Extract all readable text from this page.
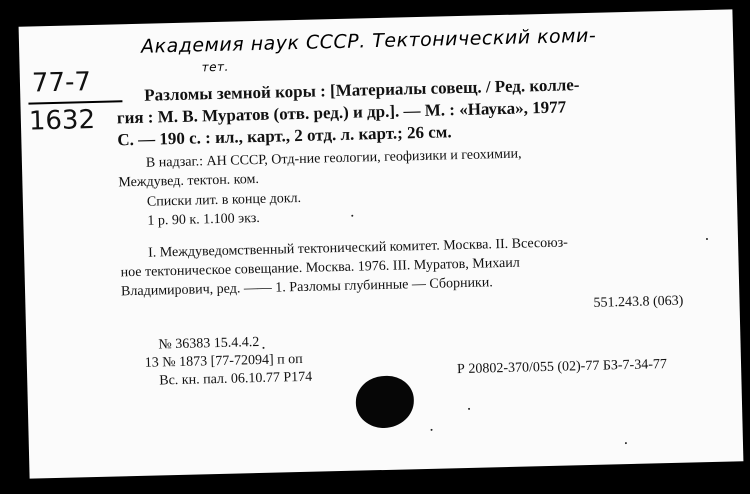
Академия наук СССР. Тектонический коми-
тет.
77-7
1632
Разломы земной коры : [Материалы совещ. / Ред. колле-
гия : М. В. Муратов (отв. ред.) и др.]. — М. : «Наука», 1977
С. — 190 с. : ил., карт., 2 отд. л. карт.; 26 см.
В надзаг.: АН СССР, Отд-ние геологии, геофизики и геохимии,
Междувед. тектон. ком.
Списки лит. в конце докл.
1 р. 90 к. 1.100 экз.
I. Междуведомственный тектонический комитет. Москва. II. Всесоюз-
ное тектоническое совещание. Москва. 1976. III. Муратов, Михаил
Владимирович, ред. —— 1. Разломы глубинные — Сборники.
551.243.8 (063)
№ 36383 15.4.4.2
13 № 1873 [77-72094] п оп
Вс. кн. пал. 06.10.77 P174
Р 20802-370/055 (02)-77 БЗ-7-34-77
